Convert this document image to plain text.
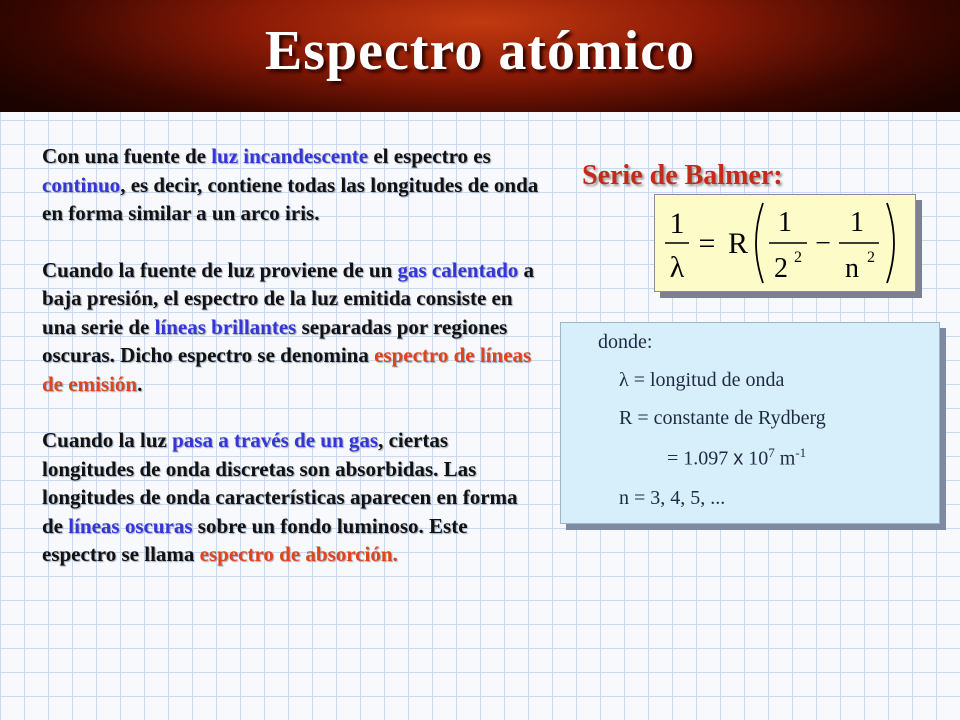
Espectro atómico

Con una fuente de luz incandescente el espectro es continuo, es decir, contiene todas las longitudes de onda en forma similar a un arco iris.

Cuando la fuente de luz proviene de un gas calentado a baja presión, el espectro de la luz emitida consiste en una serie de líneas brillantes separadas por regiones oscuras. Dicho espectro se denomina espectro de líneas de emisión.

Cuando la luz pasa a través de un gas, ciertas longitudes de onda discretas son absorbidas. Las longitudes de onda características aparecen en forma de líneas oscuras sobre un fondo luminoso. Este espectro se llama espectro de absorción.

Serie de Balmer:
1
λ
= R
1
2 2 −
1
n 2
donde:
λ = longitud de onda
R = constante de Rydberg
= 1.097 x $10^7$ $m^{-1}$
n = 3, 4, 5, ...
